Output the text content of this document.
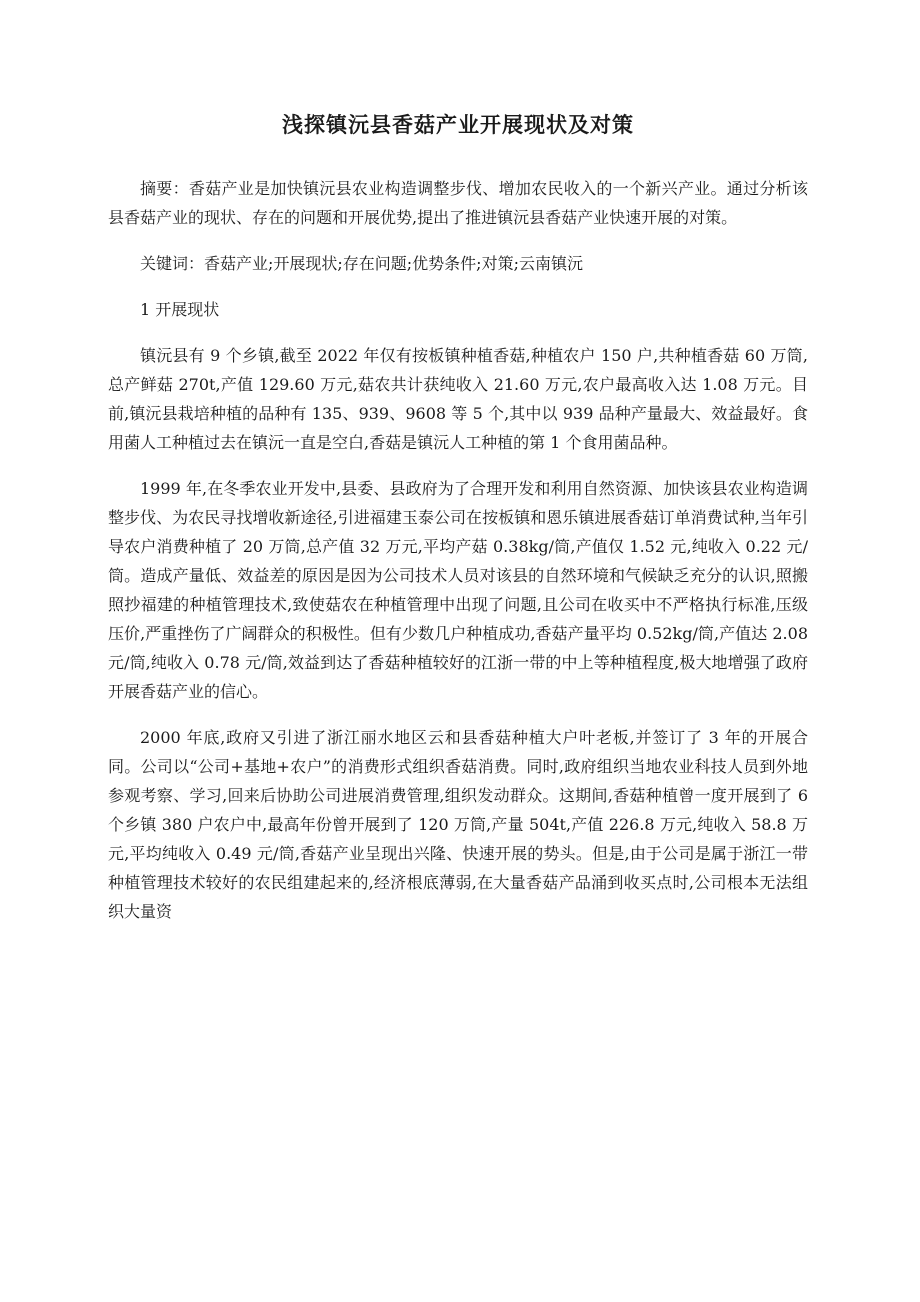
浅探镇沅县香菇产业开展现状及对策

摘要：香菇产业是加快镇沅县农业构造调整步伐、增加农民收入的一个新兴产业。通过分析该县香菇产业的现状、存在的问题和开展优势,提出了推进镇沅县香菇产业快速开展的对策。

关键词：香菇产业;开展现状;存在问题;优势条件;对策;云南镇沅

1 开展现状

镇沅县有 9 个乡镇,截至 2022 年仅有按板镇种植香菇,种植农户 150 户,共种植香菇 60 万筒,总产鲜菇 270t,产值 129.60 万元,菇农共计获纯收入 21.60 万元,农户最高收入达 1.08 万元。目前,镇沅县栽培种植的品种有 135、939、9608 等 5 个,其中以 939 品种产量最大、效益最好。食用菌人工种植过去在镇沅一直是空白,香菇是镇沅人工种植的第 1 个食用菌品种。

1999 年,在冬季农业开发中,县委、县政府为了合理开发和利用自然资源、加快该县农业构造调整步伐、为农民寻找增收新途径,引进福建玉泰公司在按板镇和恩乐镇进展香菇订单消费试种,当年引导农户消费种植了 20 万筒,总产值 32 万元,平均产菇 0.38kg/筒,产值仅 1.52 元,纯收入 0.22 元/筒。造成产量低、效益差的原因是因为公司技术人员对该县的自然环境和气候缺乏充分的认识,照搬照抄福建的种植管理技术,致使菇农在种植管理中出现了问题,且公司在收买中不严格执行标准,压级压价,严重挫伤了广阔群众的积极性。但有少数几户种植成功,香菇产量平均 0.52kg/筒,产值达 2.08 元/筒,纯收入 0.78 元/筒,效益到达了香菇种植较好的江浙一带的中上等种植程度,极大地增强了政府开展香菇产业的信心。

2000 年底,政府又引进了浙江丽水地区云和县香菇种植大户叶老板,并签订了 3 年的开展合同。公司以“公司+基地+农户”的消费形式组织香菇消费。同时,政府组织当地农业科技人员到外地参观考察、学习,回来后协助公司进展消费管理,组织发动群众。这期间,香菇种植曾一度开展到了 6 个乡镇 380 户农户中,最高年份曾开展到了 120 万筒,产量 504t,产值 226.8 万元,纯收入 58.8 万元,平均纯收入 0.49 元/筒,香菇产业呈现出兴隆、快速开展的势头。但是,由于公司是属于浙江一带种植管理技术较好的农民组建起来的,经济根底薄弱,在大量香菇产品涌到收买点时,公司根本无法组织大量资
